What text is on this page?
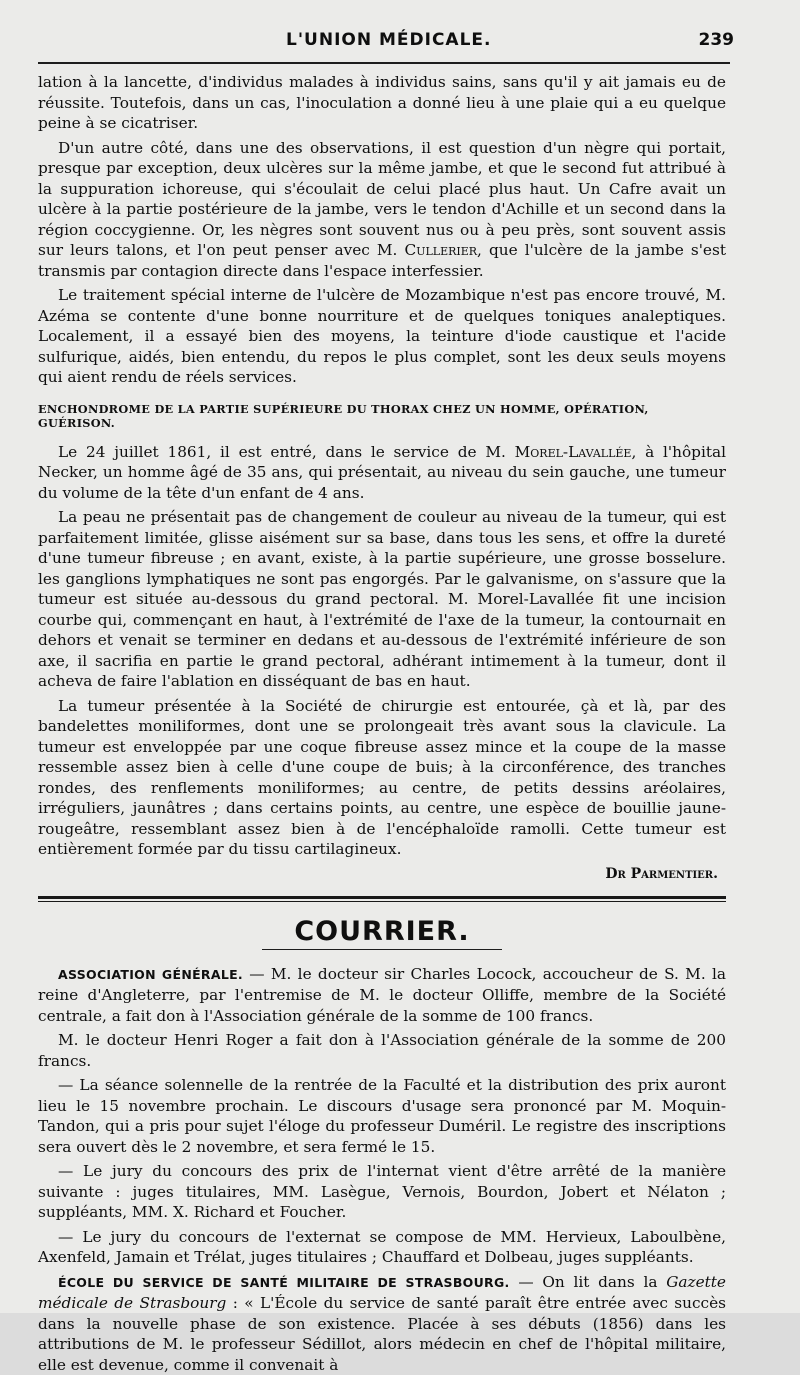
L'UNION MÉDICALE.	239

lation à la lancette, d'individus malades à individus sains, sans qu'il y ait jamais eu de réussite. Toutefois, dans un cas, l'inoculation a donné lieu à une plaie qui a eu quelque peine à se cicatriser.

D'un autre côté, dans une des observations, il est question d'un nègre qui portait, presque par exception, deux ulcères sur la même jambe, et que le second fut attribué à la suppuration ichoreuse, qui s'écoulait de celui placé plus haut. Un Cafre avait un ulcère à la partie postérieure de la jambe, vers le tendon d'Achille et un second dans la région coccygienne. Or, les nègres sont souvent nus ou à peu près, sont souvent assis sur leurs talons, et l'on peut penser avec M. Cullerier, que l'ulcère de la jambe s'est transmis par contagion directe dans l'espace interfessier.

Le traitement spécial interne de l'ulcère de Mozambique n'est pas encore trouvé, M. Azéma se contente d'une bonne nourriture et de quelques toniques analeptiques. Localement, il a essayé bien des moyens, la teinture d'iode caustique et l'acide sulfurique, aidés, bien entendu, du repos le plus complet, sont les deux seuls moyens qui aient rendu de réels services.

ENCHONDROME DE LA PARTIE SUPÉRIEURE DU THORAX CHEZ UN HOMME, OPÉRATION, GUÉRISON.

Le 24 juillet 1861, il est entré, dans le service de M. Morel-Lavallée, à l'hôpital Necker, un homme âgé de 35 ans, qui présentait, au niveau du sein gauche, une tumeur du volume de la tête d'un enfant de 4 ans.

La peau ne présentait pas de changement de couleur au niveau de la tumeur, qui est parfaitement limitée, glisse aisément sur sa base, dans tous les sens, et offre la dureté d'une tumeur fibreuse ; en avant, existe, à la partie supérieure, une grosse bosselure. les ganglions lymphatiques ne sont pas engorgés. Par le galvanisme, on s'assure que la tumeur est située au-dessous du grand pectoral. M. Morel-Lavallée fit une incision courbe qui, commençant en haut, à l'extrémité de l'axe de la tumeur, la contournait en dehors et venait se terminer en dedans et au-dessous de l'extrémité inférieure de son axe, il sacrifia en partie le grand pectoral, adhérant intimement à la tumeur, dont il acheva de faire l'ablation en disséquant de bas en haut.

La tumeur présentée à la Société de chirurgie est entourée, çà et là, par des bandelettes moniliformes, dont une se prolongeait très avant sous la clavicule. La tumeur est enveloppée par une coque fibreuse assez mince et la coupe de la masse ressemble assez bien à celle d'une coupe de buis; à la circonférence, des tranches rondes, des renflements moniliformes; au centre, de petits dessins aréolaires, irréguliers, jaunâtres ; dans certains points, au centre, une espèce de bouillie jaune-rougeâtre, ressemblant assez bien à de l'encéphaloïde ramolli. Cette tumeur est entièrement formée par du tissu cartilagineux.

Dr Parmentier.
COURRIER.

ASSOCIATION GÉNÉRALE. — M. le docteur sir Charles Locock, accoucheur de S. M. la reine d'Angleterre, par l'entremise de M. le docteur Olliffe, membre de la Société centrale, a fait don à l'Association générale de la somme de 100 francs.

M. le docteur Henri Roger a fait don à l'Association générale de la somme de 200 francs.

— La séance solennelle de la rentrée de la Faculté et la distribution des prix auront lieu le 15 novembre prochain. Le discours d'usage sera prononcé par M. Moquin-Tandon, qui a pris pour sujet l'éloge du professeur Duméril. Le registre des inscriptions sera ouvert dès le 2 novembre, et sera fermé le 15.

— Le jury du concours des prix de l'internat vient d'être arrêté de la manière suivante : juges titulaires, MM. Lasègue, Vernois, Bourdon, Jobert et Nélaton ; suppléants, MM. X. Richard et Foucher.

— Le jury du concours de l'externat se compose de MM. Hervieux, Laboulbène, Axenfeld, Jamain et Trélat, juges titulaires ; Chauffard et Dolbeau, juges suppléants.

ÉCOLE DU SERVICE DE SANTÉ MILITAIRE DE STRASBOURG. — On lit dans la Gazette médicale de Strasbourg : « L'École du service de santé paraît être entrée avec succès dans la nouvelle phase de son existence. Placée à ses débuts (1856) dans les attributions de M. le professeur Sédillot, alors médecin en chef de l'hôpital militaire, elle est devenue, comme il convenait à
